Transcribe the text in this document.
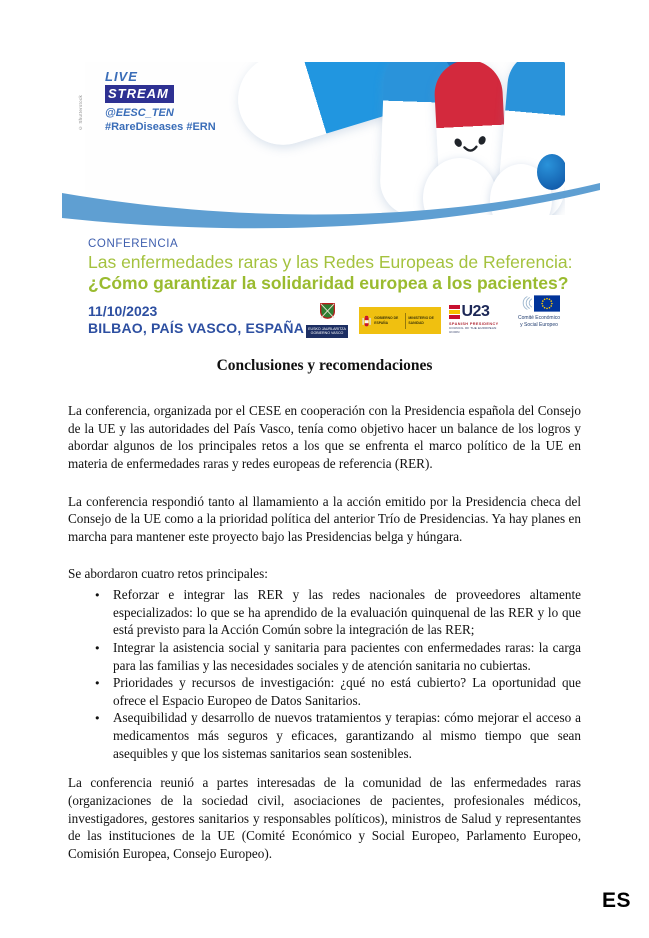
LIVE
STREAM
@EESC_TEN
#RareDiseases #ERN
© Shutterstock
CONFERENCIA
Las enfermedades raras y las Redes Europeas de Referencia:
¿Cómo garantizar la solidaridad europea a los pacientes?
11/10/2023
BILBAO, PAÍS VASCO, ESPAÑA	EUSKO JAURLARITZA
GOBIERNO VASCO
GOBIERNO DE ESPAÑA
MINISTERIO DE SANIDAD
U23
SPANISH PRESIDENCY
COUNCIL OF THE EUROPEAN UNION
Comité Económico
y Social Europeo
Conclusiones y recomendaciones

La conferencia, organizada por el CESE en cooperación con la Presidencia española del Consejo de la UE y las autoridades del País Vasco, tenía como objetivo hacer un balance de los logros y abordar algunos de los principales retos a los que se enfrenta el marco político de la UE en materia de enfermedades raras y redes europeas de referencia (RER).

La conferencia respondió tanto al llamamiento a la acción emitido por la Presidencia checa del Consejo de la UE como a la prioridad política del anterior Trío de Presidencias. Ya hay planes en marcha para mantener este proyecto bajo las Presidencias belga y húngara.

Se abordaron cuatro retos principales:

● Reforzar e integrar las RER y las redes nacionales de proveedores altamente especializados: lo que se ha aprendido de la evaluación quinquenal de las RER y lo que está previsto para la Acción Común sobre la integración de las RER;
● Integrar la asistencia social y sanitaria para pacientes con enfermedades raras: la carga para las familias y las necesidades sociales y de atención sanitaria no cubiertas.
● Prioridades y recursos de investigación: ¿qué no está cubierto? La oportunidad que ofrece el Espacio Europeo de Datos Sanitarios.
● Asequibilidad y desarrollo de nuevos tratamientos y terapias: cómo mejorar el acceso a medicamentos más seguros y eficaces, garantizando al mismo tiempo que sean asequibles y que los sistemas sanitarios sean sostenibles.

La conferencia reunió a partes interesadas de la comunidad de las enfermedades raras (organizaciones de la sociedad civil, asociaciones de pacientes, profesionales médicos, investigadores, gestores sanitarios y responsables políticos), ministros de Salud y representantes de las instituciones de la UE (Comité Económico y Social Europeo, Parlamento Europeo, Comisión Europea, Consejo Europeo).

ES
